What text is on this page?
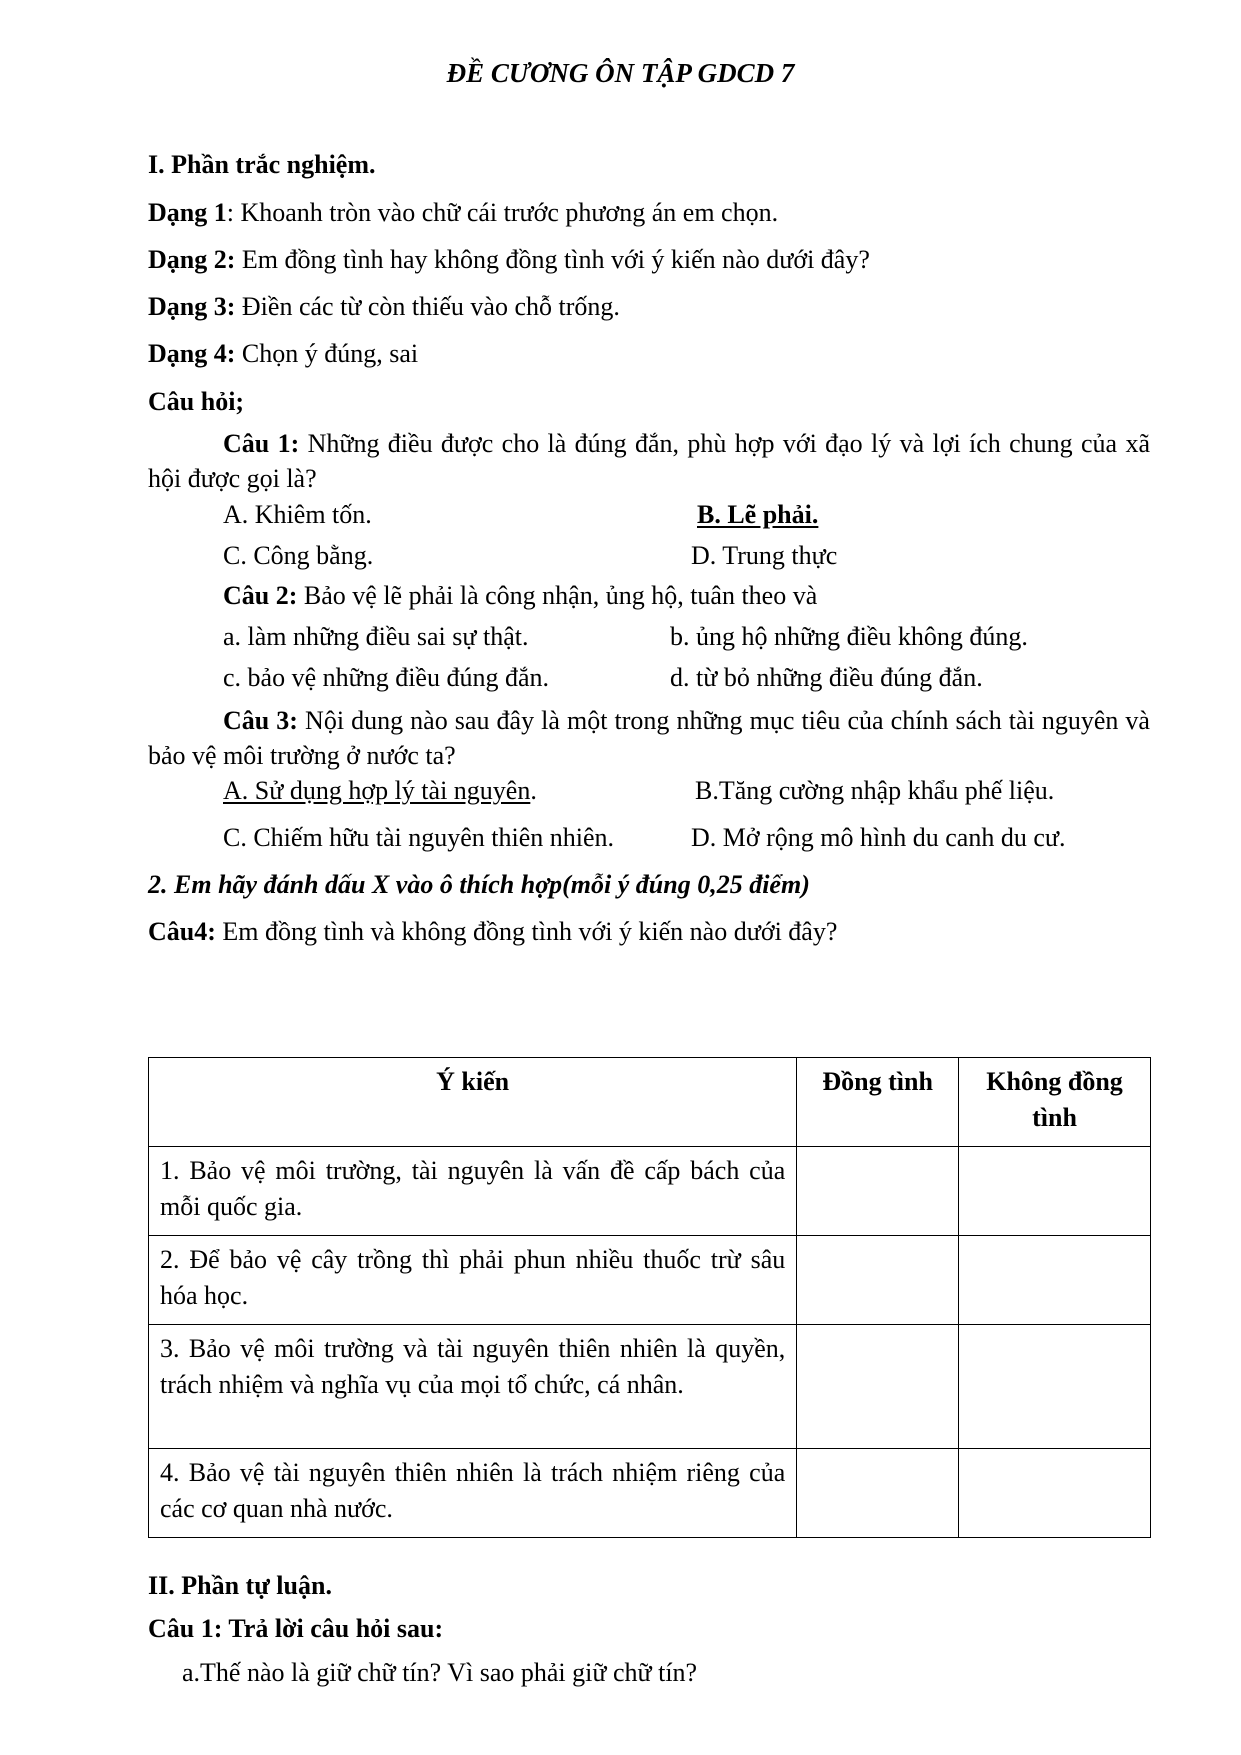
ĐỀ CƯƠNG ÔN TẬP GDCD 7
I. Phần trắc nghiệm.
Dạng 1: Khoanh tròn vào chữ cái trước phương án em chọn.
Dạng 2: Em đồng tình hay không đồng tình với ý kiến nào dưới đây?
Dạng 3: Điền các từ còn thiếu vào chỗ trống.
Dạng 4: Chọn ý đúng, sai
Câu hỏi;
Câu 1: Những điều được cho là đúng đắn, phù hợp với đạo lý và lợi ích chung của xã hội được gọi là?
A. Khiêm tốn.	B. Lẽ phải.
C. Công bằng.	D. Trung thực
Câu 2: Bảo vệ lẽ phải là công nhận, ủng hộ, tuân theo và
a. làm những điều sai sự thật.	b. ủng hộ những điều không đúng.
c. bảo vệ những điều đúng đắn.	d. từ bỏ những điều đúng đắn.
Câu 3: Nội dung nào sau đây là một trong những mục tiêu của chính sách tài nguyên và bảo vệ môi trường ở nước ta?
A. Sử dụng hợp lý tài nguyên.	B.Tăng cường nhập khẩu phế liệu.
C. Chiếm hữu tài nguyên thiên nhiên.	D. Mở rộng mô hình du canh du cư.
2. Em hãy đánh dấu X vào ô thích hợp(mỗi ý đúng 0,25 điểm)
Câu4: Em đồng tình và không đồng tình với ý kiến nào dưới đây?
Ý kiến	Đồng tình	Không đồng tình
1. Bảo vệ môi trường, tài nguyên là vấn đề cấp bách của mỗi quốc gia.		
2. Để bảo vệ cây trồng thì phải phun nhiều thuốc trừ sâu hóa học.		
3. Bảo vệ môi trường và tài nguyên thiên nhiên là quyền, trách nhiệm và nghĩa vụ của mọi tổ chức, cá nhân.		
4. Bảo vệ tài nguyên thiên nhiên là trách nhiệm riêng của các cơ quan nhà nước.		
II. Phần tự luận.
Câu 1: Trả lời câu hỏi sau:
a.Thế nào là giữ chữ tín? Vì sao phải giữ chữ tín?
